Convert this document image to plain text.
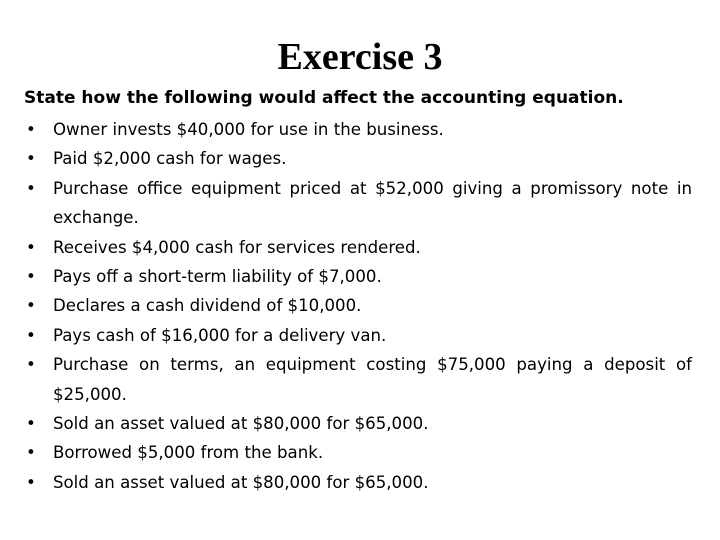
Exercise 3

State how the following would affect the accounting equation.

•	Owner invests $40,000 for use in the business.
•	Paid $2,000 cash for wages.
•	Purchase office equipment priced at $52,000 giving a promissory note in exchange.
•	Receives $4,000 cash for services rendered.
•	Pays off a short-term liability of $7,000.
•	Declares a cash dividend of $10,000.
•	Pays cash of $16,000 for a delivery van.
•	Purchase on terms, an equipment costing $75,000 paying a deposit of $25,000.
•	Sold an asset valued at $80,000 for $65,000.
•	Borrowed $5,000 from the bank.
•	Sold an asset valued at $80,000 for $65,000.
